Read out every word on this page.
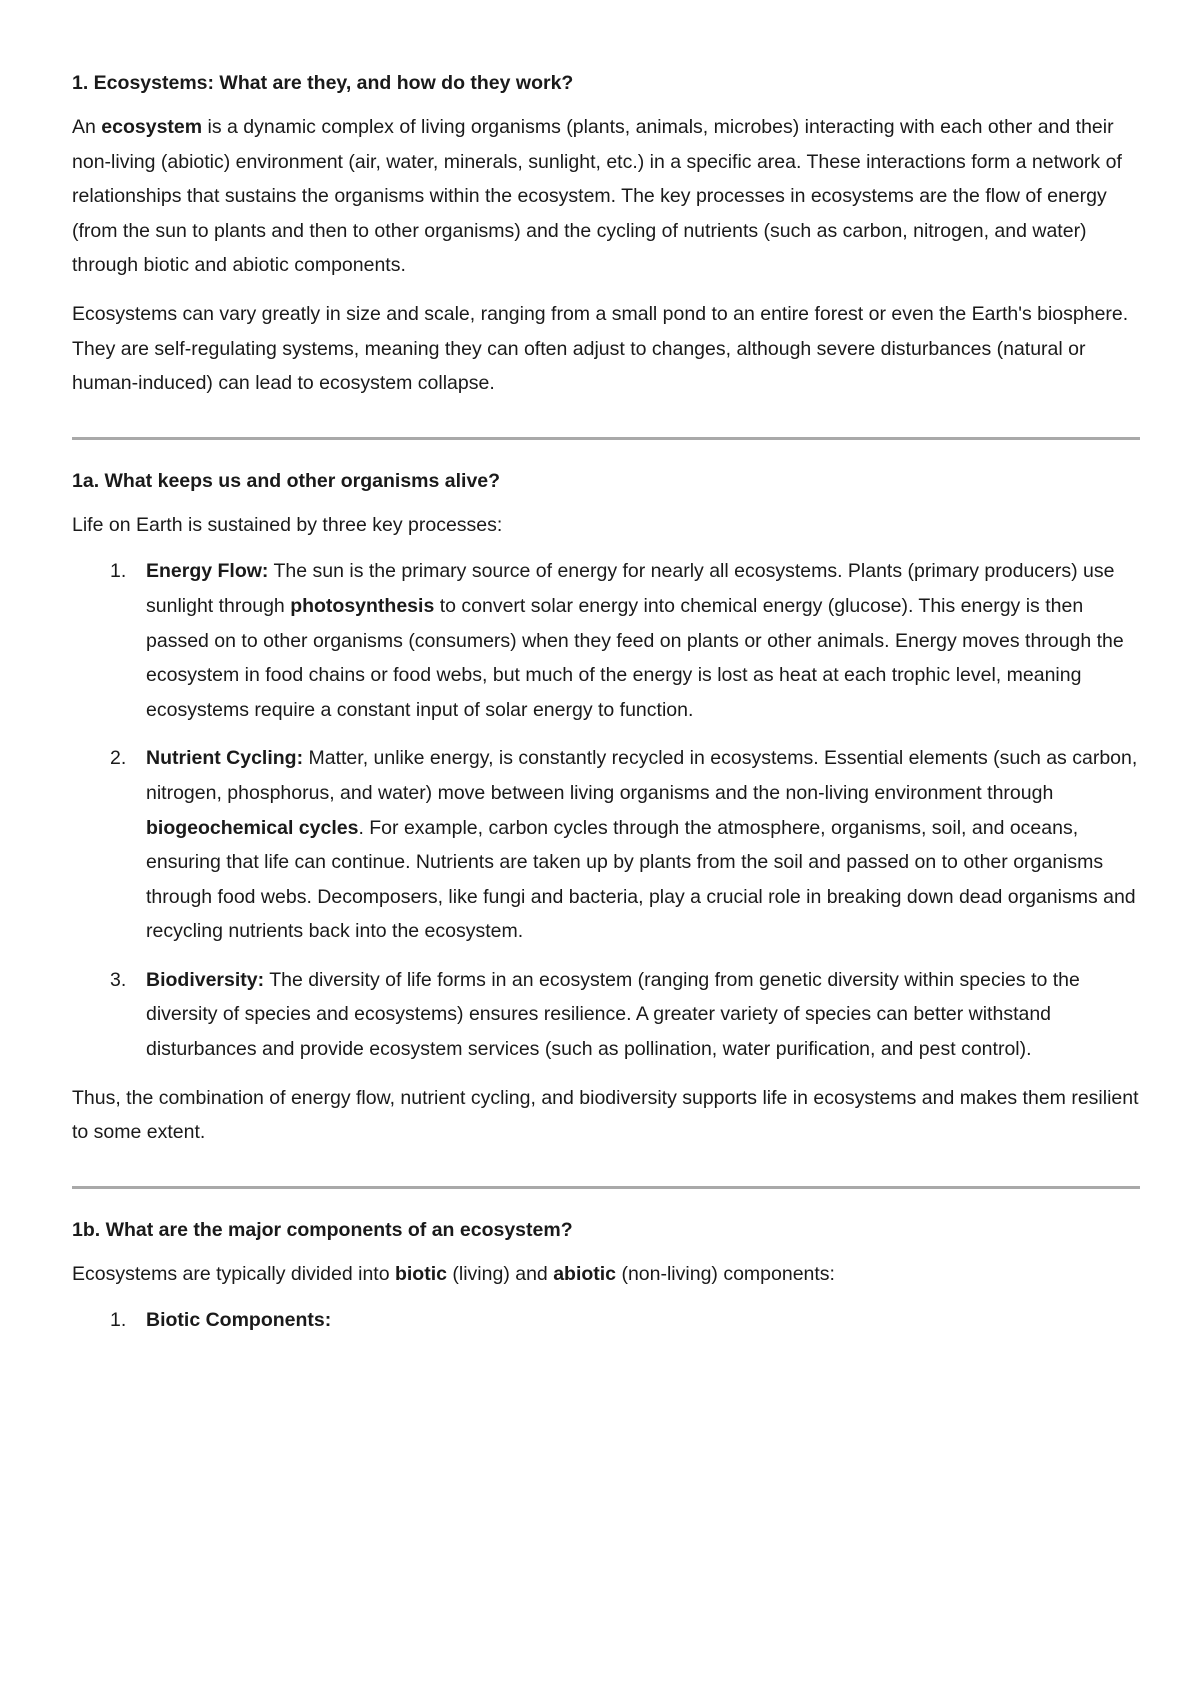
1. Ecosystems: What are they, and how do they work?

An ecosystem is a dynamic complex of living organisms (plants, animals, microbes) interacting with each other and their non-living (abiotic) environment (air, water, minerals, sunlight, etc.) in a specific area. These interactions form a network of relationships that sustains the organisms within the ecosystem. The key processes in ecosystems are the flow of energy (from the sun to plants and then to other organisms) and the cycling of nutrients (such as carbon, nitrogen, and water) through biotic and abiotic components.

Ecosystems can vary greatly in size and scale, ranging from a small pond to an entire forest or even the Earth's biosphere. They are self-regulating systems, meaning they can often adjust to changes, although severe disturbances (natural or human-induced) can lead to ecosystem collapse.

1a. What keeps us and other organisms alive?

Life on Earth is sustained by three key processes:

1. Energy Flow: The sun is the primary source of energy for nearly all ecosystems. Plants (primary producers) use sunlight through photosynthesis to convert solar energy into chemical energy (glucose). This energy is then passed on to other organisms (consumers) when they feed on plants or other animals. Energy moves through the ecosystem in food chains or food webs, but much of the energy is lost as heat at each trophic level, meaning ecosystems require a constant input of solar energy to function.

2. Nutrient Cycling: Matter, unlike energy, is constantly recycled in ecosystems. Essential elements (such as carbon, nitrogen, phosphorus, and water) move between living organisms and the non-living environment through biogeochemical cycles. For example, carbon cycles through the atmosphere, organisms, soil, and oceans, ensuring that life can continue. Nutrients are taken up by plants from the soil and passed on to other organisms through food webs. Decomposers, like fungi and bacteria, play a crucial role in breaking down dead organisms and recycling nutrients back into the ecosystem.

3. Biodiversity: The diversity of life forms in an ecosystem (ranging from genetic diversity within species to the diversity of species and ecosystems) ensures resilience. A greater variety of species can better withstand disturbances and provide ecosystem services (such as pollination, water purification, and pest control).

Thus, the combination of energy flow, nutrient cycling, and biodiversity supports life in ecosystems and makes them resilient to some extent.

1b. What are the major components of an ecosystem?

Ecosystems are typically divided into biotic (living) and abiotic (non-living) components:

1. Biotic Components:
